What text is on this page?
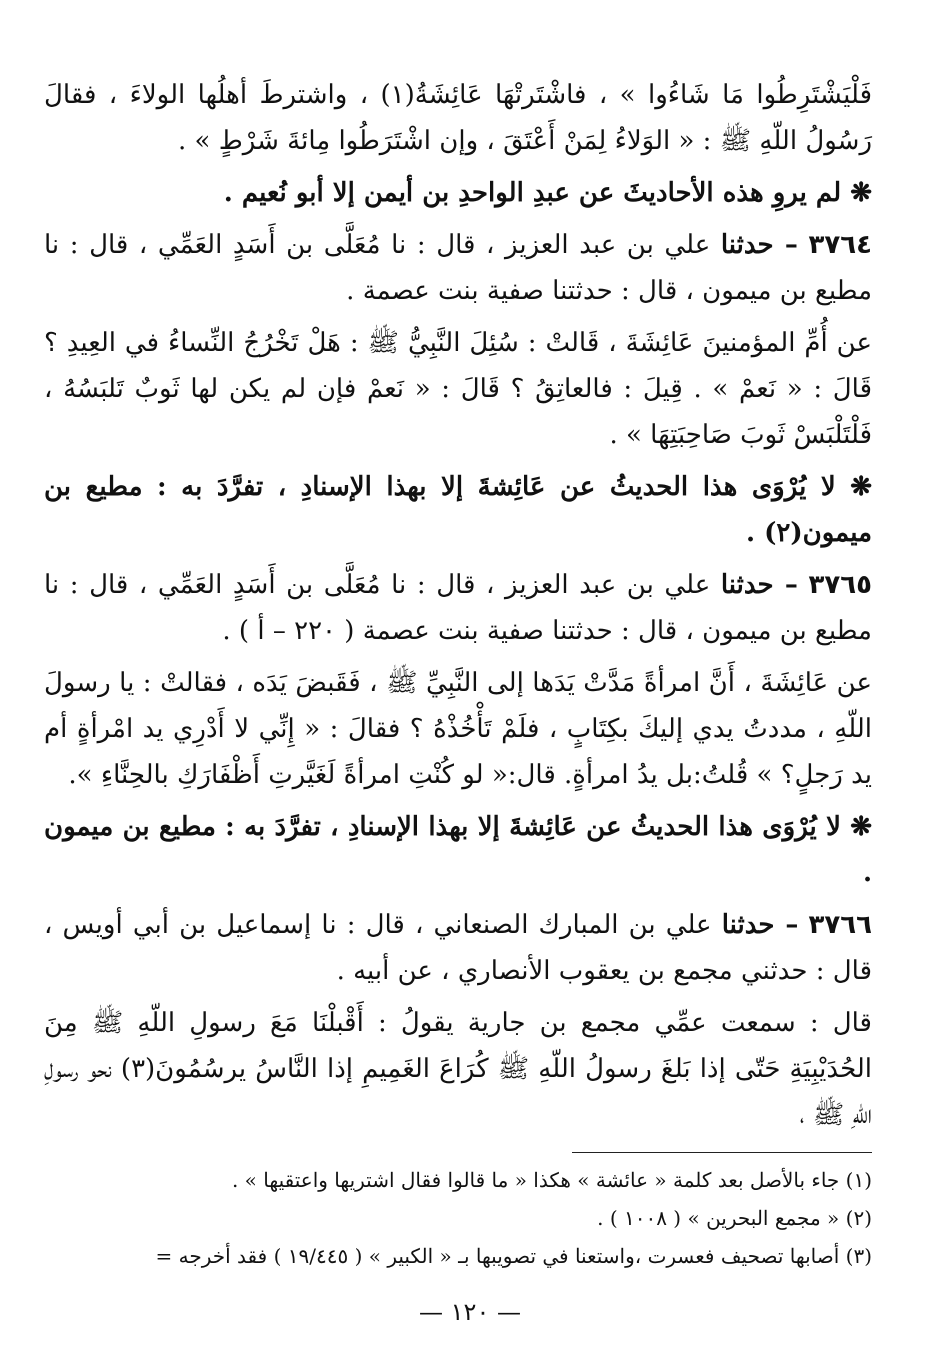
فَلْيَشْتَرِطُوا مَا شَاءُوا » ، فاشْتَرتْهَا عَائِشَةُ(١) ، واشترطَ أهلُها الولاءَ ، فقالَ رَسُولُ اللّهِ ﷺ : « الوَلاءُ لِمَنْ أَعْتَقَ ، وإن اشْتَرَطُوا مِائةَ شَرْطٍ » .

❋ لم يروِ هذه الأحاديثَ عن عبدِ الواحدِ بن أيمن إلا أبو نُعيم .

٣٧٦٤ – حدثنا علي بن عبد العزيز ، قال : نا مُعَلَّى بن أَسَدٍ العَمِّي ، قال : نا مطيع بن ميمون ، قال : حدثتنا صفية بنت عصمة .

عن أُمِّ المؤمنينَ عَائِشَةَ ، قَالتْ : سُئِلَ النَّبِيُّ ﷺ : هَلْ تَخْرُجُ النِّساءُ في العِيدِ ؟ قَالَ : « نَعمْ » . قِيلَ : فالعاتِقُ ؟ قَالَ : « نَعمْ فإن لم يكن لها ثَوبٌ تَلبَسُهُ ، فَلْتَلْبَسْ ثَوبَ صَاحِبَتِهَا » .

❋ لا يُرْوَى هذا الحديثُ عن عَائِشةَ إلا بهذا الإسنادِ ، تفرَّدَ به : مطيع بن ميمون(٢) .

٣٧٦٥ – حدثنا علي بن عبد العزيز ، قال : نا مُعَلَّى بن أَسَدٍ العَمِّي ، قال : نا مطيع بن ميمون ، قال : حدثتنا صفية بنت عصمة ( ٢٢٠ – أ ) .

عن عَائِشَةَ ، أَنَّ امرأةً مَدَّتْ يَدَها إلى النَّبِيِّ ﷺ ، فَقَبضَ يَدَه ، فقالتْ : يا رسولَ اللّهِ ، مددتُ يدي إليكَ بكِتَابٍ ، فلَمْ تَأْخُذْهُ ؟ فقالَ : « إِنِّي لا أَدْرِي يد امْرأةٍ أم يد رَجلٍ؟ » قُلتُ:بل يدُ امرأةٍ. قال:« لو كُنْتِ امرأةً لَغَيَّرتِ أَظْفَارَكِ بالحِنَّاءِ ».

❋ لا يُرْوَى هذا الحديثُ عن عَائِشةَ إلا بهذا الإسنادِ ، تفرَّدَ به : مطيع بن ميمون .

٣٧٦٦ – حدثنا علي بن المبارك الصنعاني ، قال : نا إسماعيل بن أبي أويس ، قال : حدثني مجمع بن يعقوب الأنصاري ، عن أبيه .

قال : سمعت عمِّي مجمع بن جارية يقولُ : أَقْبلْنَا مَعَ رسولِ اللّهِ ﷺ مِنَ الحُدَيْبِيَةِ حَتّى إذا بَلغَ رسولُ اللّهِ ﷺ كُرَاعَ الغَمِيمِ إذا النَّاسُ يرسُمُونَ(٣) نحو رسولِ اللّهِ ﷺ ،

(١) جاء بالأصل بعد كلمة « عائشة » هكذا « ما قالوا فقال اشتريها واعتقيها » .

(٢) « مجمع البحرين » ( ١٠٠٨ ) .

(٣) أصابها تصحيف فعسرت ،واستعنا في تصويبها بـ « الكبير » ( ١٩/٤٤٥ ) فقد أخرجه =

— ١٢٠ —
